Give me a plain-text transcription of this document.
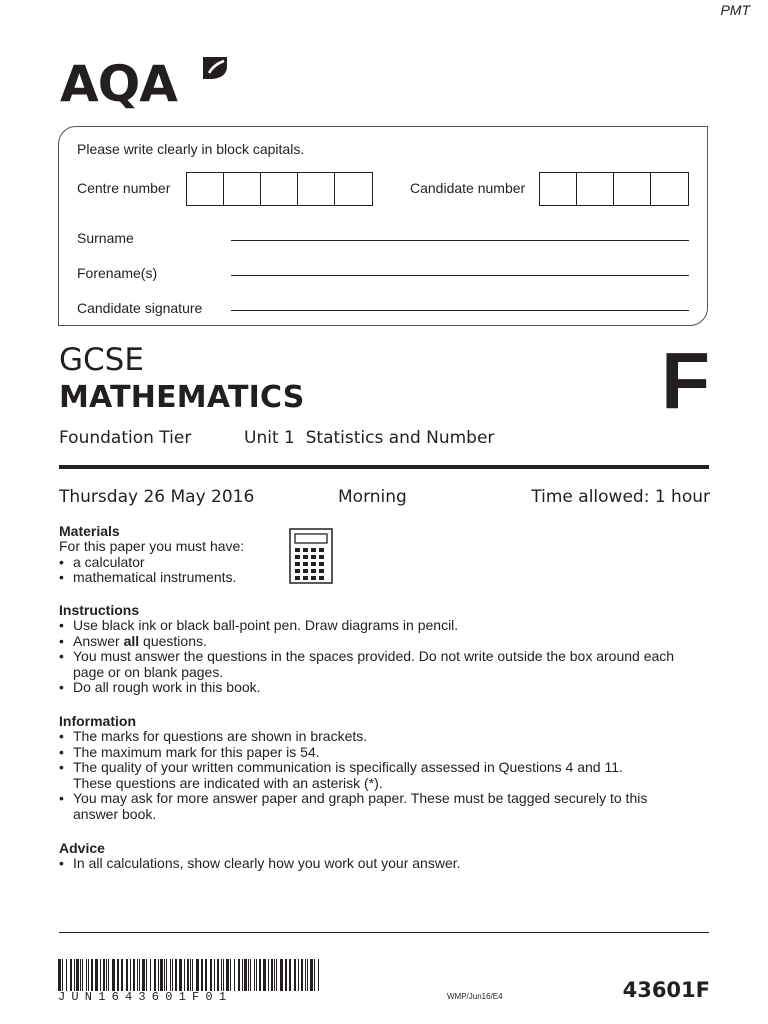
PMT
AQA
Please write clearly in block capitals.
Centre number	Candidate number
Surname
Forename(s)
Candidate signature
GCSE
MATHEMATICS	F
Foundation Tier	Unit 1  Statistics and Number
Thursday 26 May 2016	Morning	Time allowed: 1 hour
Materials
For this paper you must have:
• a calculator
• mathematical instruments.
Instructions
• Use black ink or black ball-point pen. Draw diagrams in pencil.
• Answer all questions.
• You must answer the questions in the spaces provided. Do not write outside the box around each page or on blank pages.
• Do all rough work in this book.
Information
• The marks for questions are shown in brackets.
• The maximum mark for this paper is 54.
• The quality of your written communication is specifically assessed in Questions 4 and 11. These questions are indicated with an asterisk (*).
• You may ask for more answer paper and graph paper. These must be tagged securely to this answer book.
Advice
• In all calculations, show clearly how you work out your answer.
JUN1643601F01	WMP/Jun16/E4	43601F
